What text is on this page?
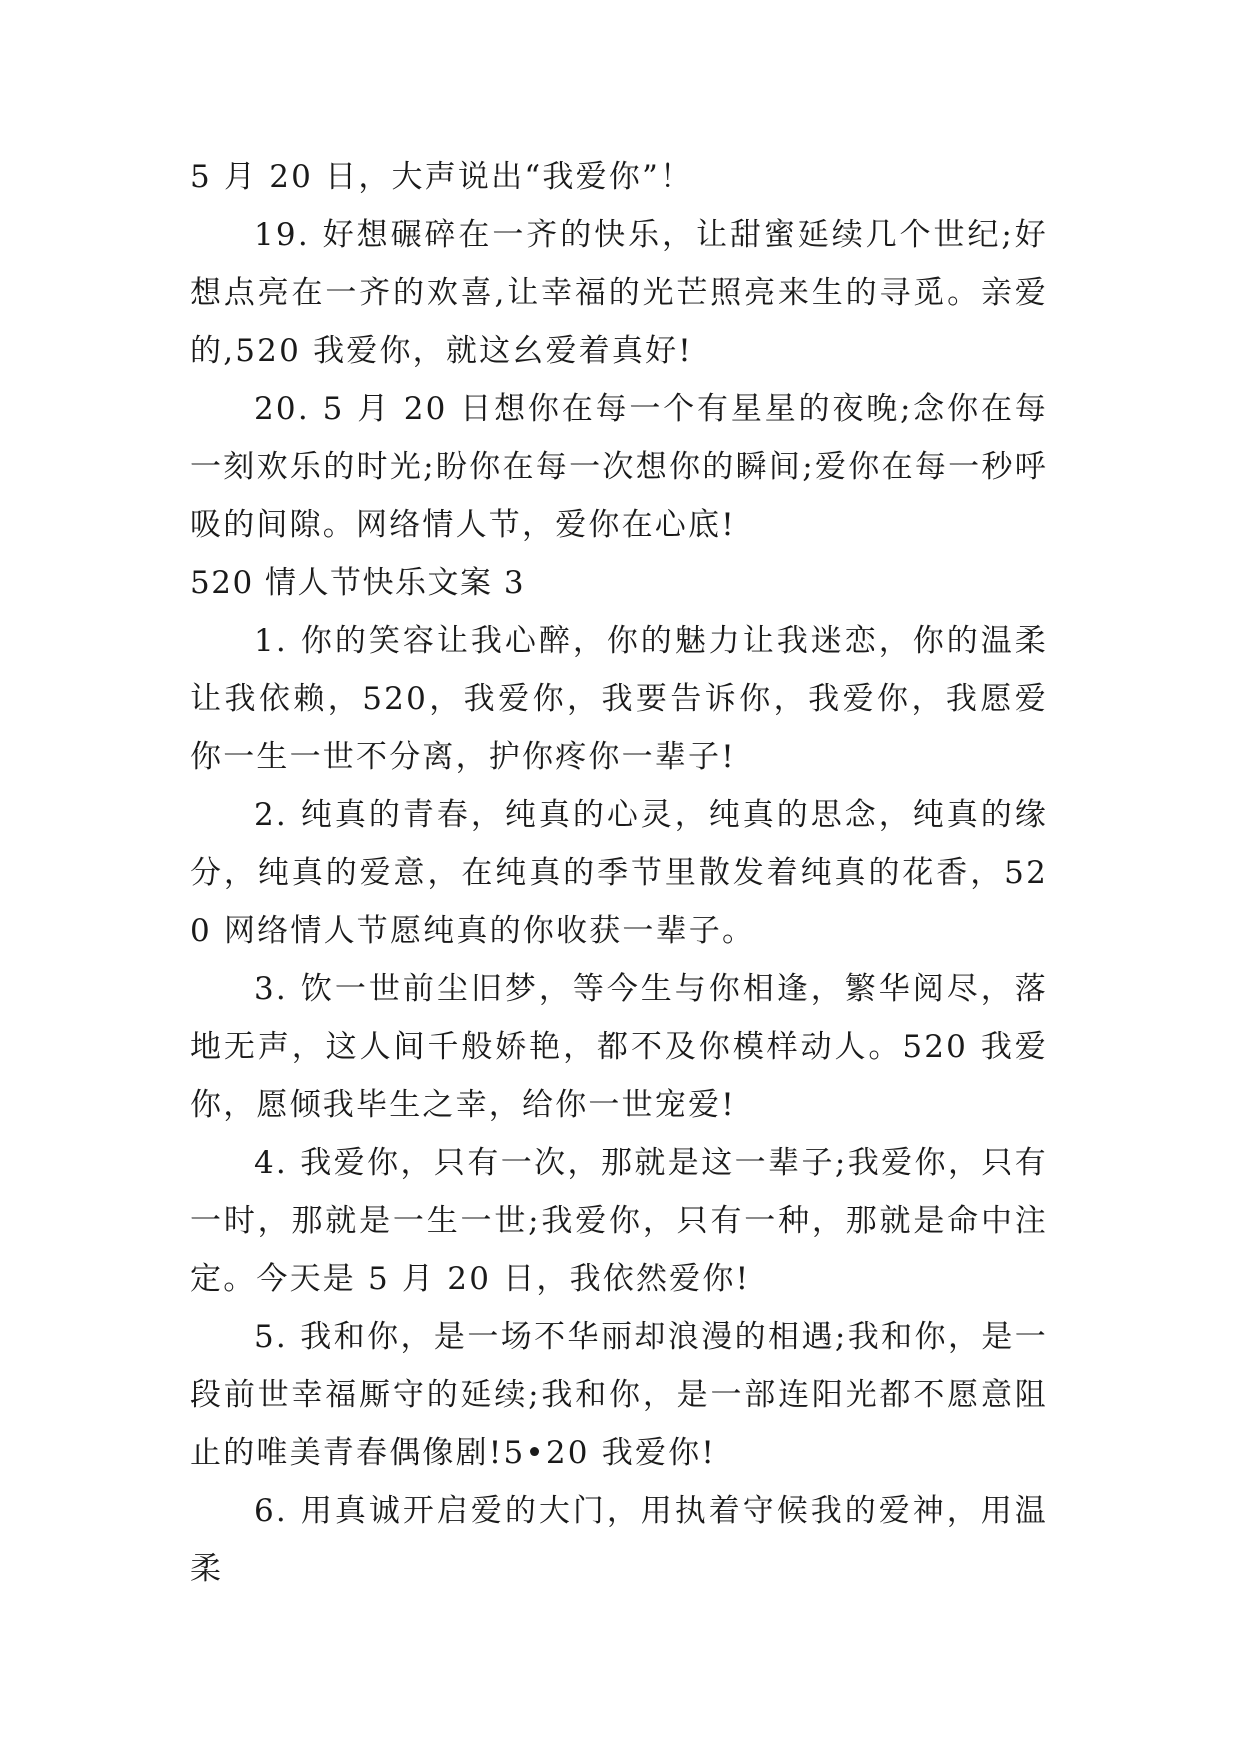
5 月 20 日，大声说出“我爱你”！

19. 好想碾碎在一齐的快乐，让甜蜜延续几个世纪;好想点亮在一齐的欢喜,让幸福的光芒照亮来生的寻觅。亲爱的,520 我爱你，就这幺爱着真好!

20. 5 月 20 日想你在每一个有星星的夜晚;念你在每一刻欢乐的时光;盼你在每一次想你的瞬间;爱你在每一秒呼吸的间隙。网络情人节，爱你在心底!

520 情人节快乐文案 3

1. 你的笑容让我心醉，你的魅力让我迷恋，你的温柔让我依赖，520，我爱你，我要告诉你，我爱你，我愿爱你一生一世不分离，护你疼你一辈子!

2. 纯真的青春，纯真的心灵，纯真的思念，纯真的缘分，纯真的爱意，在纯真的季节里散发着纯真的花香，520 网络情人节愿纯真的你收获一辈子。

3. 饮一世前尘旧梦，等今生与你相逢，繁华阅尽，落地无声，这人间千般娇艳，都不及你模样动人。520 我爱你，愿倾我毕生之幸，给你一世宠爱!

4. 我爱你，只有一次，那就是这一辈子;我爱你，只有一时，那就是一生一世;我爱你，只有一种，那就是命中注定。今天是 5 月 20 日，我依然爱你!

5. 我和你，是一场不华丽却浪漫的相遇;我和你，是一段前世幸福厮守的延续;我和你，是一部连阳光都不愿意阻止的唯美青春偶像剧!5•20 我爱你!

6. 用真诚开启爱的大门，用执着守候我的爱神，用温柔
